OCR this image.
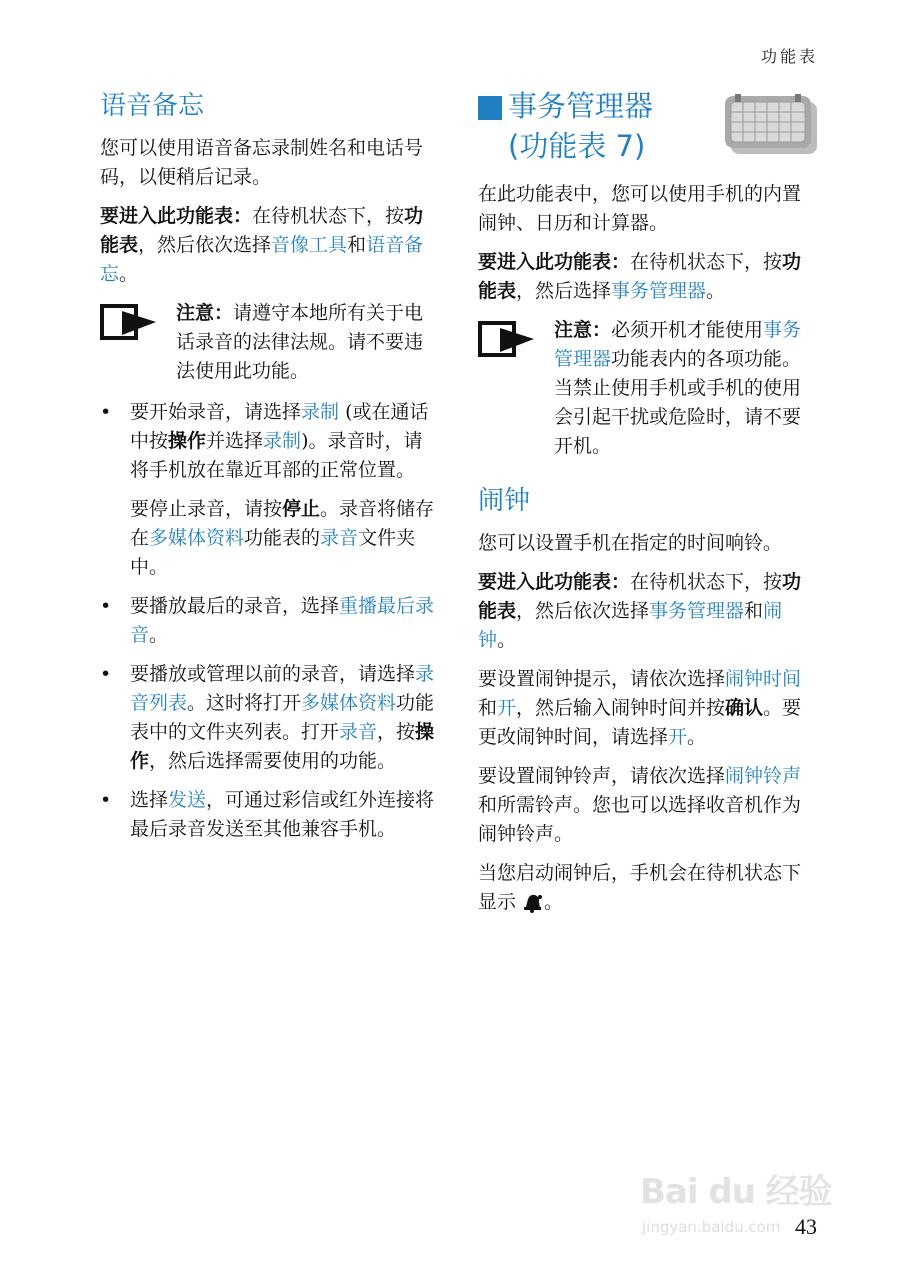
功能表
语音备忘

您可以使用语音备忘录制姓名和电话号码，以便稍后记录。

要进入此功能表：在待机状态下，按功能表，然后依次选择音像工具和语音备忘。

注意：请遵守本地所有关于电话录音的法律法规。请不要违法使用此功能。

• 要开始录音，请选择录制 (或在通话中按操作并选择录制)。录音时，请将手机放在靠近耳部的正常位置。

要停止录音，请按停止。录音将储存在多媒体资料功能表的录音文件夹中。

• 要播放最后的录音，选择重播最后录音。

• 要播放或管理以前的录音，请选择录音列表。这时将打开多媒体资料功能表中的文件夹列表。打开录音，按操作，然后选择需要使用的功能。

• 选择发送，可通过彩信或红外连接将最后录音发送至其他兼容手机。

事务管理器
(功能表 7)

在此功能表中，您可以使用手机的内置闹钟、日历和计算器。

要进入此功能表：在待机状态下，按功能表，然后选择事务管理器。

注意：必须开机才能使用事务管理器功能表内的各项功能。当禁止使用手机或手机的使用会引起干扰或危险时，请不要开机。

闹钟

您可以设置手机在指定的时间响铃。

要进入此功能表：在待机状态下，按功能表，然后依次选择事务管理器和闹钟。

要设置闹钟提示，请依次选择闹钟时间和开，然后输入闹钟时间并按确认。要更改闹钟时间，请选择开。

要设置闹钟铃声，请依次选择闹钟铃声和所需铃声。您也可以选择收音机作为闹钟铃声。

当您启动闹钟后，手机会在待机状态下显示 。

Bai du 经验
jingyan.baidu.com 43
